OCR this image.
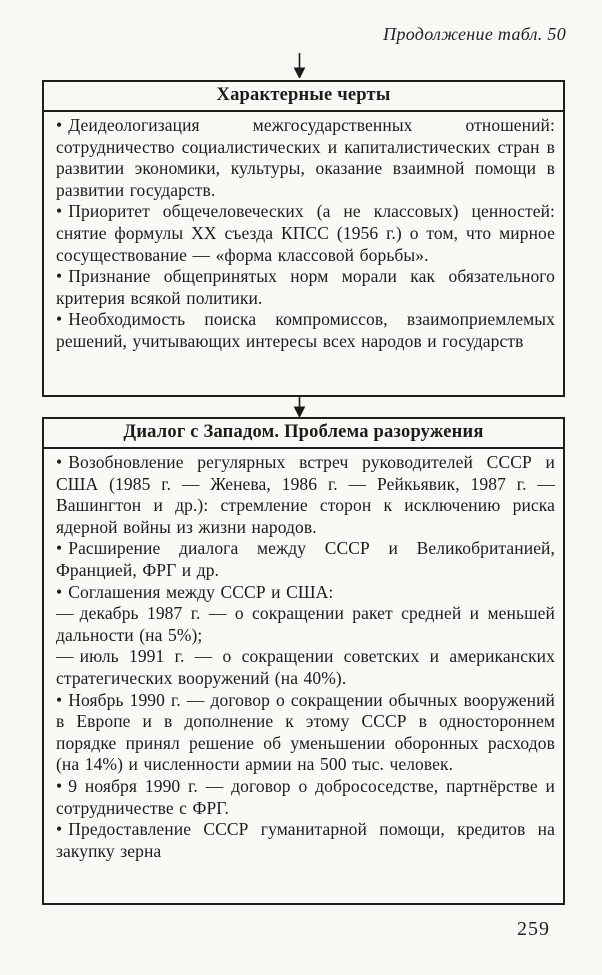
Продолжение табл. 50
Характерные черты

• Деидеологизация межгосударственных отношений: сотрудничество социалистических и капиталистических стран в развитии экономики, культуры, оказание взаимной помощи в развитии государств.

• Приоритет общечеловеческих (а не классовых) ценностей: снятие формулы XX съезда КПСС (1956 г.) о том, что мирное сосуществование — «форма классовой борьбы».

• Признание общепринятых норм морали как обязательного критерия всякой политики.

• Необходимость поиска компромиссов, взаимоприемлемых решений, учитывающих интересы всех народов и государств

Диалог с Западом. Проблема разоружения

• Возобновление регулярных встреч руководителей СССР и США (1985 г. — Женева, 1986 г. — Рейкьявик, 1987 г. — Вашингтон и др.): стремление сторон к исключению риска ядерной войны из жизни народов.

• Расширение диалога между СССР и Великобританией, Францией, ФРГ и др.

• Соглашения между СССР и США:

— декабрь 1987 г. — о сокращении ракет средней и меньшей дальности (на 5%);

— июль 1991 г. — о сокращении советских и американских стратегических вооружений (на 40%).

• Ноябрь 1990 г. — договор о сокращении обычных вооружений в Европе и в дополнение к этому СССР в одностороннем порядке принял решение об уменьшении оборонных расходов (на 14%) и численности армии на 500 тыс. человек.

• 9 ноября 1990 г. — договор о добрососедстве, партнёрстве и сотрудничестве с ФРГ.

• Предоставление СССР гуманитарной помощи, кредитов на закупку зерна

259
